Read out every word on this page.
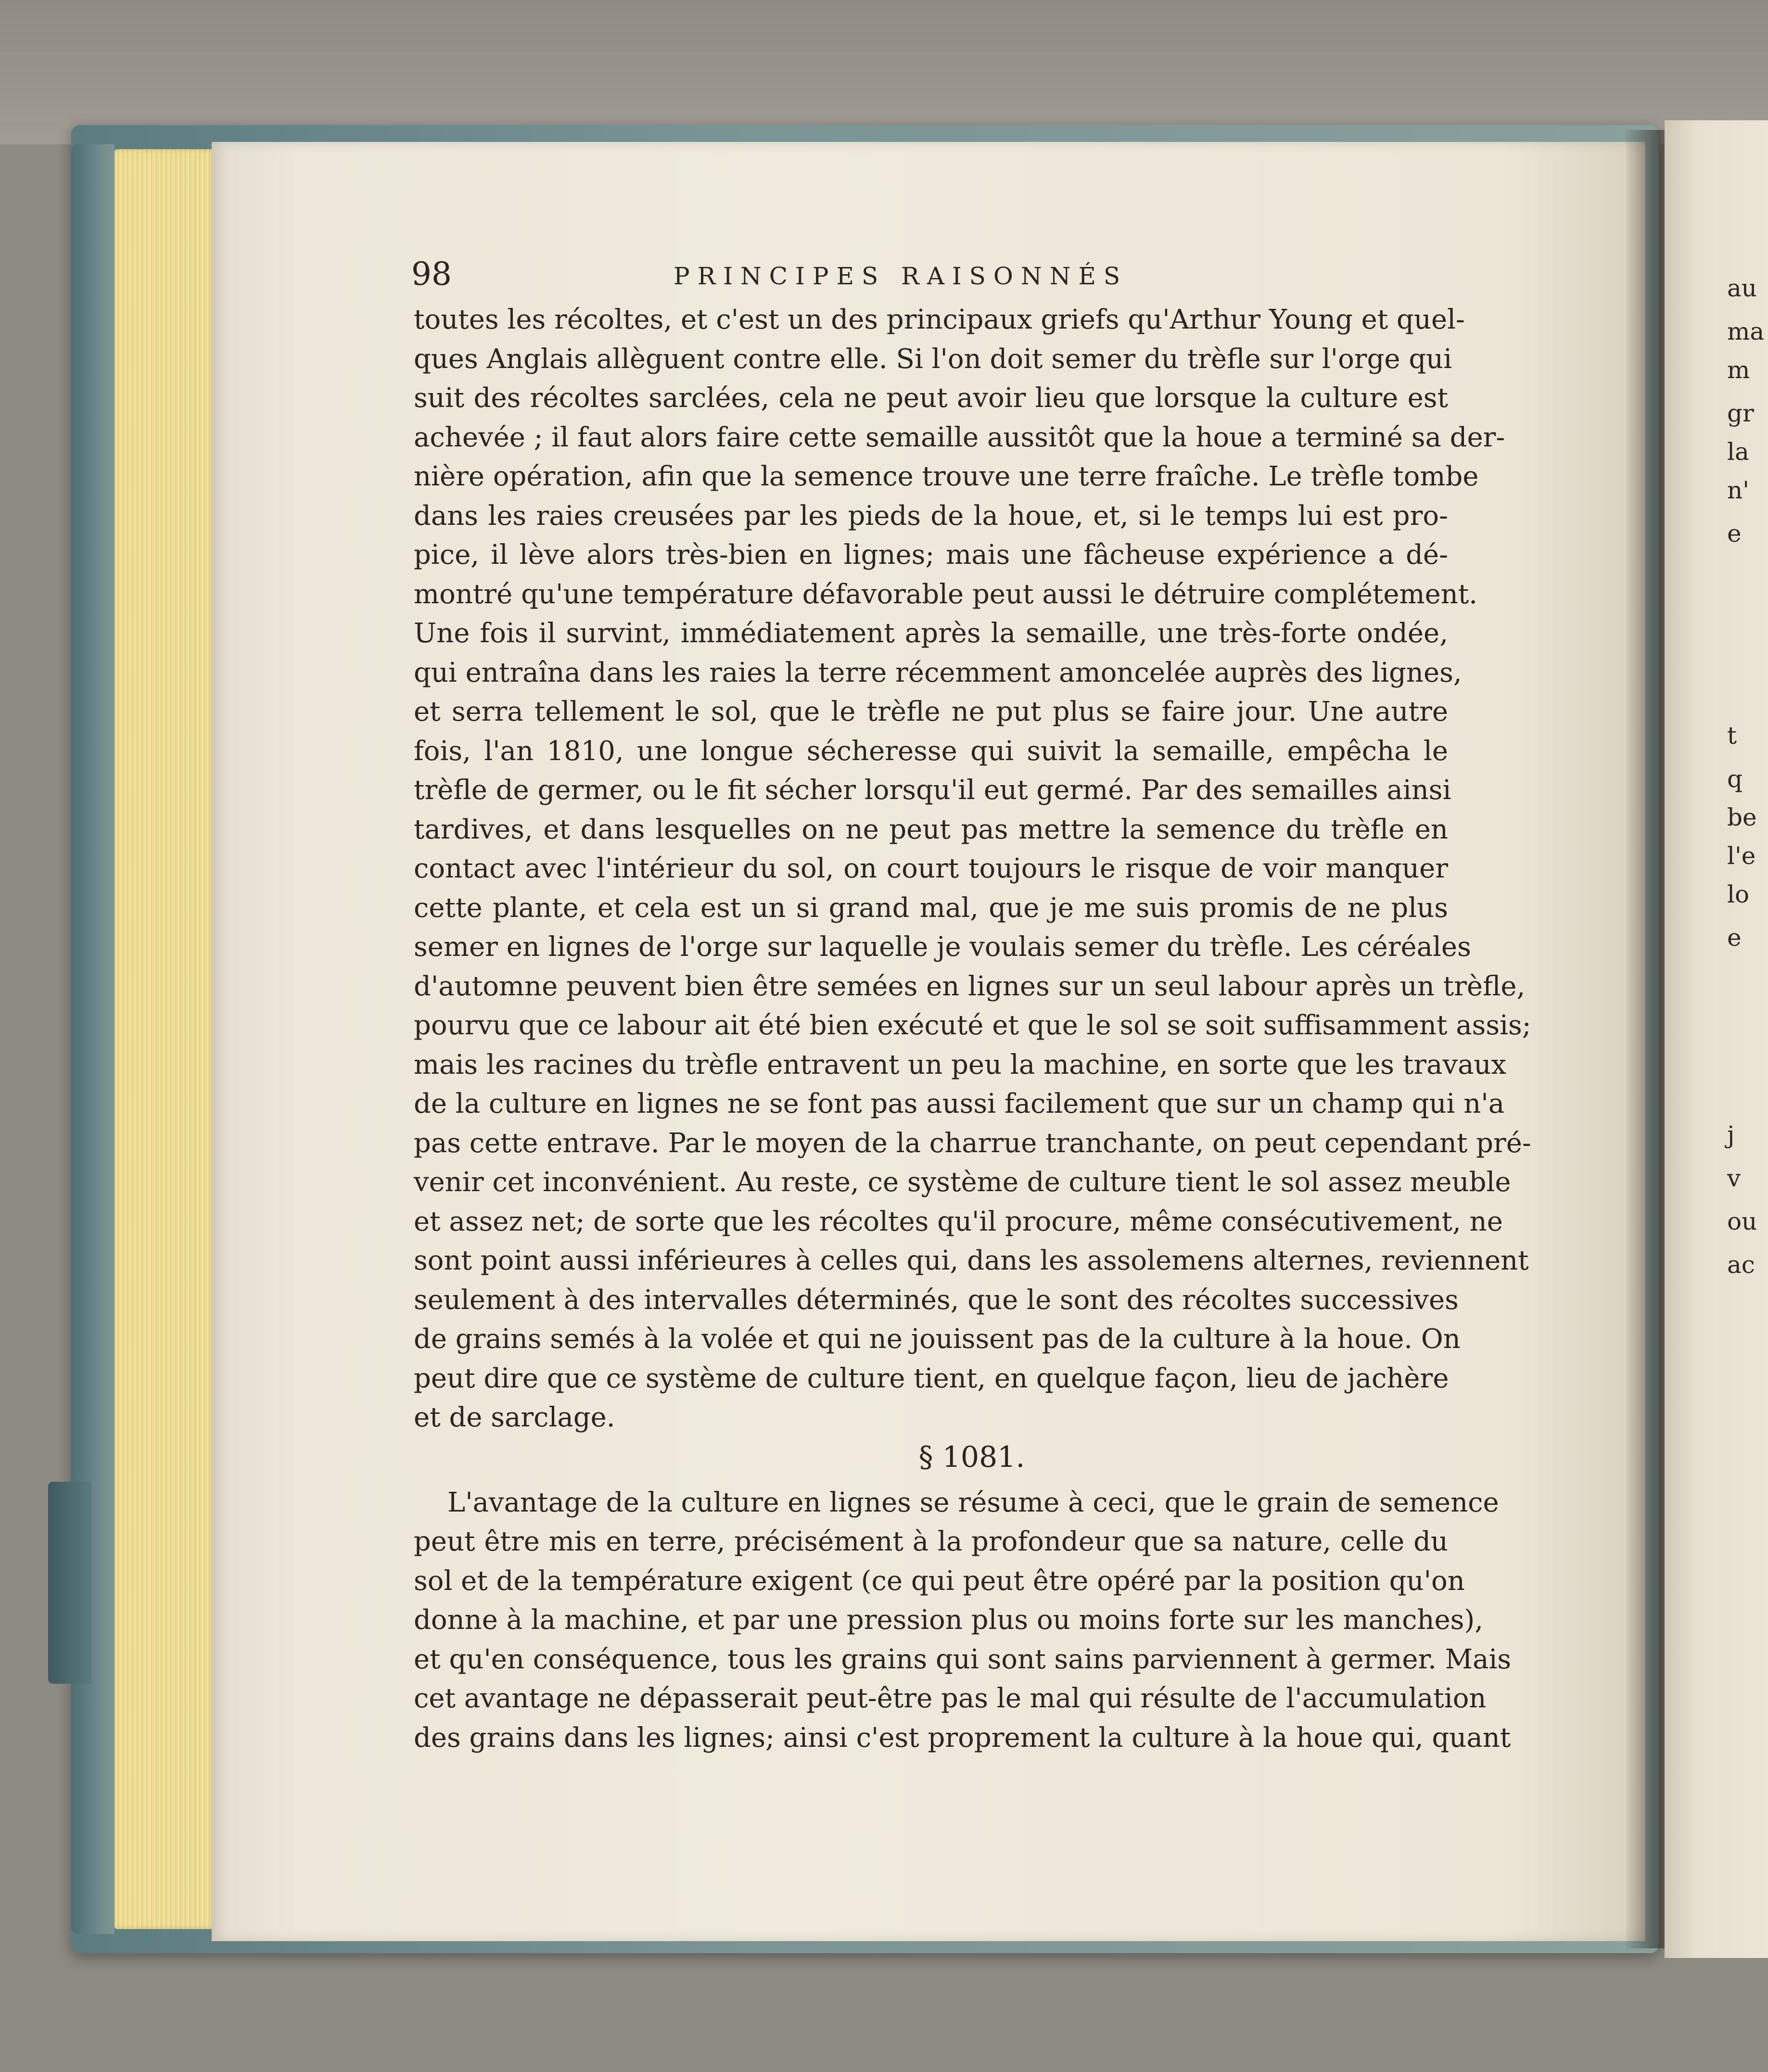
au
ma
m
gr
la
n'
e
t
q
be
l'e
lo
e
j
v
ou
ac
98	PRINCIPES RAISONNÉS
toutes les récoltes, et c'est un des principaux griefs qu'Arthur Young et quel-
ques Anglais allèguent contre elle. Si l'on doit semer du trèfle sur l'orge qui
suit des récoltes sarclées, cela ne peut avoir lieu que lorsque la culture est
achevée ; il faut alors faire cette semaille aussitôt que la houe a terminé sa der-
nière opération, afin que la semence trouve une terre fraîche. Le trèfle tombe
dans les raies creusées par les pieds de la houe, et, si le temps lui est pro-
pice, il lève alors très-bien en lignes; mais une fâcheuse expérience a dé-
montré qu'une température défavorable peut aussi le détruire complétement.
Une fois il survint, immédiatement après la semaille, une très-forte ondée,
qui entraîna dans les raies la terre récemment amoncelée auprès des lignes,
et serra tellement le sol, que le trèfle ne put plus se faire jour. Une autre
fois, l'an 1810, une longue sécheresse qui suivit la semaille, empêcha le
trèfle de germer, ou le fit sécher lorsqu'il eut germé. Par des semailles ainsi
tardives, et dans lesquelles on ne peut pas mettre la semence du trèfle en
contact avec l'intérieur du sol, on court toujours le risque de voir manquer
cette plante, et cela est un si grand mal, que je me suis promis de ne plus
semer en lignes de l'orge sur laquelle je voulais semer du trèfle. Les céréales
d'automne peuvent bien être semées en lignes sur un seul labour après un trèfle,
pourvu que ce labour ait été bien exécuté et que le sol se soit suffisamment assis;
mais les racines du trèfle entravent un peu la machine, en sorte que les travaux
de la culture en lignes ne se font pas aussi facilement que sur un champ qui n'a
pas cette entrave. Par le moyen de la charrue tranchante, on peut cependant pré-
venir cet inconvénient. Au reste, ce système de culture tient le sol assez meuble
et assez net; de sorte que les récoltes qu'il procure, même consécutivement, ne
sont point aussi inférieures à celles qui, dans les assolemens alternes, reviennent
seulement à des intervalles déterminés, que le sont des récoltes successives
de grains semés à la volée et qui ne jouissent pas de la culture à la houe. On
peut dire que ce système de culture tient, en quelque façon, lieu de jachère
et de sarclage.
§ 1081.
L'avantage de la culture en lignes se résume à ceci, que le grain de semence
peut être mis en terre, précisément à la profondeur que sa nature, celle du
sol et de la température exigent (ce qui peut être opéré par la position qu'on
donne à la machine, et par une pression plus ou moins forte sur les manches),
et qu'en conséquence, tous les grains qui sont sains parviennent à germer. Mais
cet avantage ne dépasserait peut-être pas le mal qui résulte de l'accumulation
des grains dans les lignes; ainsi c'est proprement la culture à la houe qui, quant
